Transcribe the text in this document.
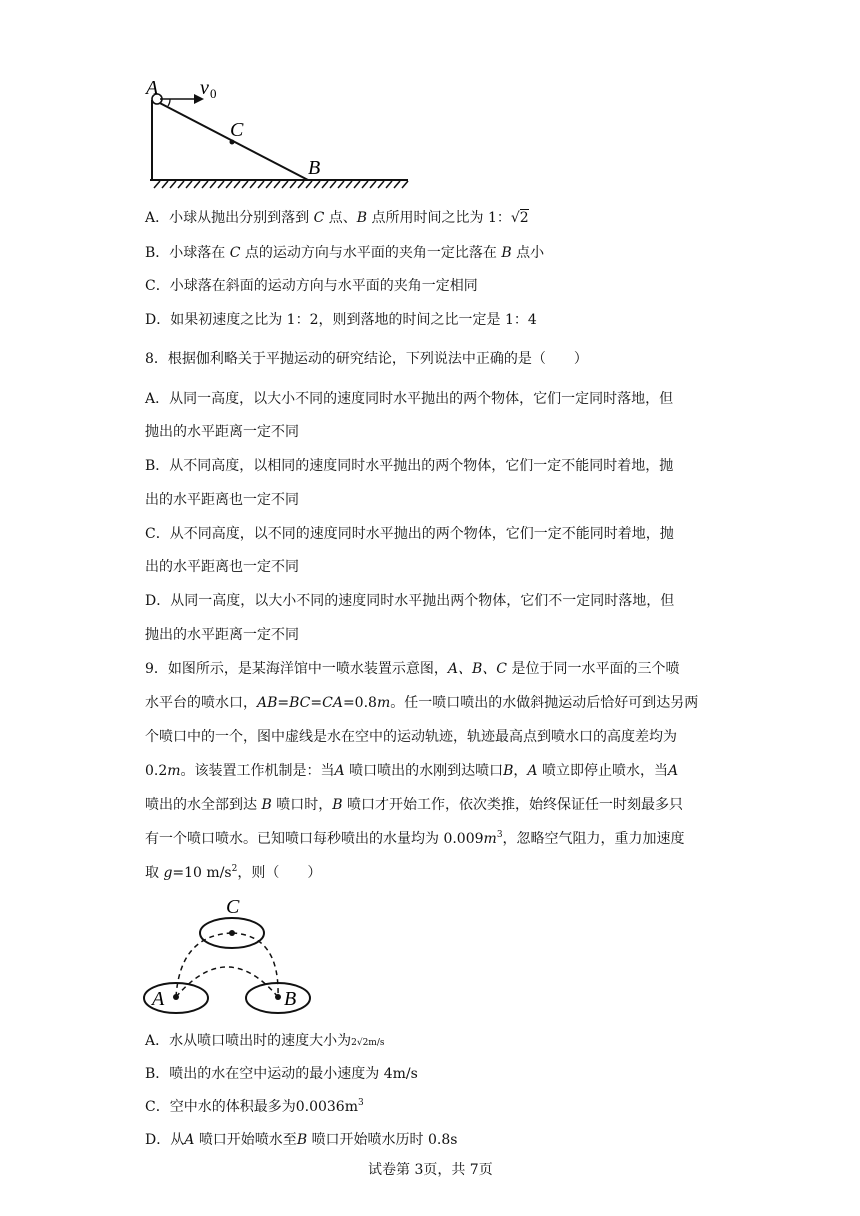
A
C
B
v 0
A．小球从抛出分别到落到 C 点、B 点所用时间之比为 1：√2
B．小球落在 C 点的运动方向与水平面的夹角一定比落在 B 点小
C．小球落在斜面的运动方向与水平面的夹角一定相同
D．如果初速度之比为 1：2，则到落地的时间之比一定是 1：4
8．根据伽利略关于平抛运动的研究结论，下列说法中正确的是（　　）
A．从同一高度，以大小不同的速度同时水平抛出的两个物体，它们一定同时落地，但
抛出的水平距离一定不同
B．从不同高度，以相同的速度同时水平抛出的两个物体，它们一定不能同时着地，抛
出的水平距离也一定不同
C．从不同高度，以不同的速度同时水平抛出的两个物体，它们一定不能同时着地，抛
出的水平距离也一定不同
D．从同一高度，以大小不同的速度同时水平抛出两个物体，它们不一定同时落地，但
抛出的水平距离一定不同
9．如图所示，是某海洋馆中一喷水装置示意图，A、B、C 是位于同一水平面的三个喷
水平台的喷水口，AB=BC=CA=0.8m。任一喷口喷出的水做斜抛运动后恰好可到达另两
个喷口中的一个，图中虚线是水在空中的运动轨迹，轨迹最高点到喷水口的高度差均为
0.2m。该装置工作机制是：当A 喷口喷出的水刚到达喷口B，A 喷立即停止喷水，当A
喷出的水全部到达 B 喷口时，B 喷口才开始工作，依次类推，始终保证任一时刻最多只
有一个喷口喷水。已知喷口每秒喷出的水量均为 $0.009m^3$，忽略空气阻力，重力加速度
取 g=10 $m/s^2$，则（　　）
C
A	B
A．水从喷口喷出时的速度大小为2√2m/s
B．喷出的水在空中运动的最小速度为 4m/s
C．空中水的体积最多为$0.0036m^3$
D．从A 喷口开始喷水至B 喷口开始喷水历时 0.8s
试卷第 3页，共 7页
